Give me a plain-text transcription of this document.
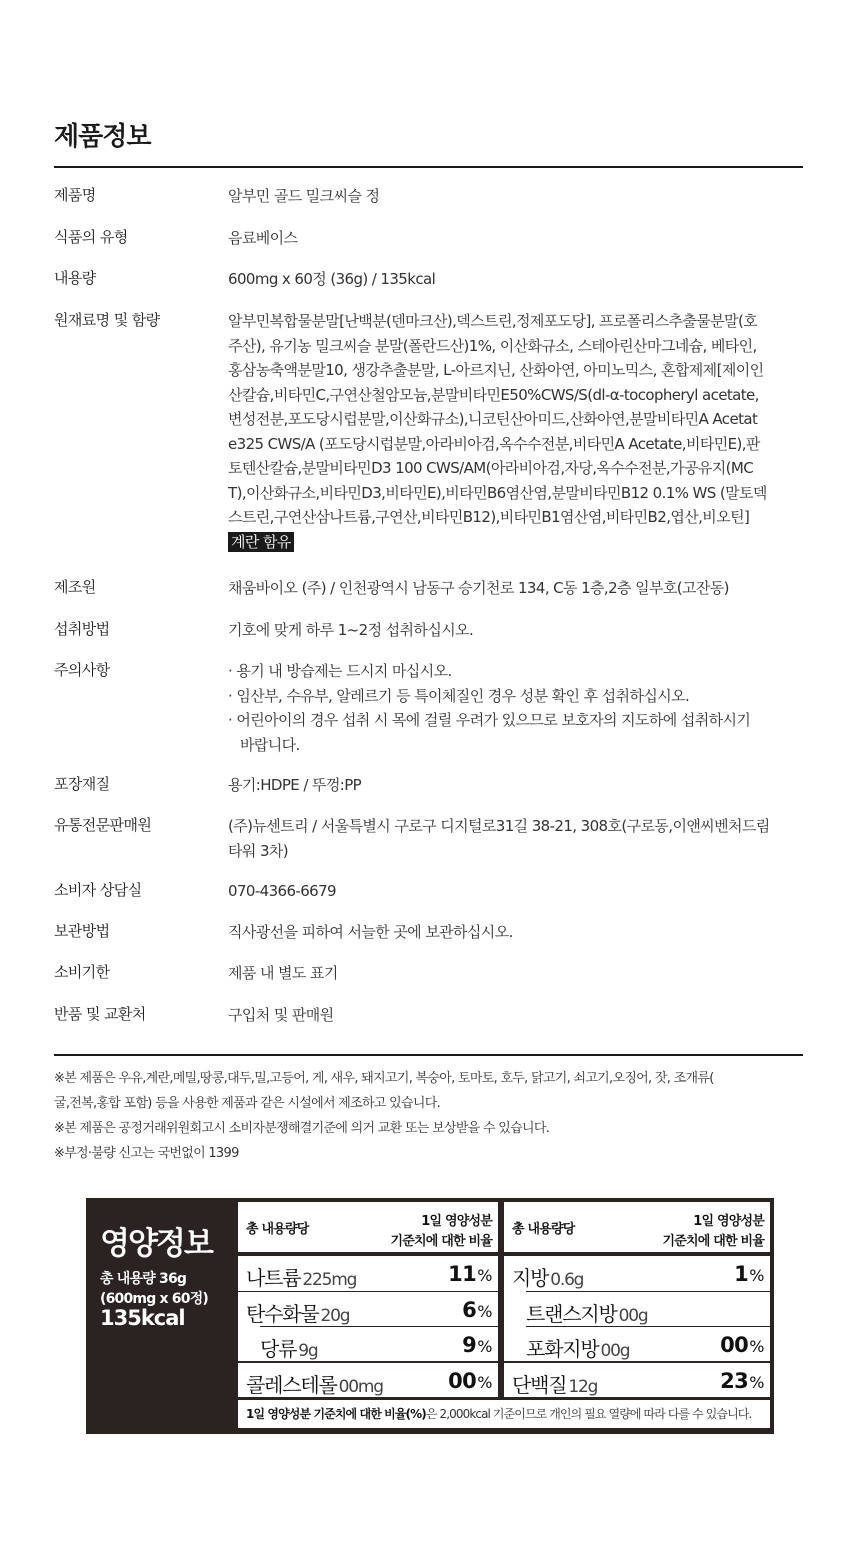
제품정보
제품명	알부민 골드 밀크씨슬 정
식품의 유형	음료베이스
내용량	600mg x 60정 (36g) / 135kcal
원재료명 및 함량	알부민복합물분말[난백분(덴마크산),덱스트린,정제포도당], 프로폴리스추출물분말(호
주산), 유기농 밀크씨슬 분말(폴란드산)1%, 이산화규소, 스테아린산마그네슘, 베타인,
홍삼농축액분말10, 생강추출분말, L-아르지닌, 산화아연, 아미노믹스, 혼합제제[제이인
산칼슘,비타민C,구연산철암모늄,분말비타민E50%CWS/S(dl-α-tocopheryl acetate,
변성전분,포도당시럽분말,이산화규소),니코틴산아미드,산화아연,분말비타민A Acetat
e325 CWS/A (포도당시럽분말,아라비아검,옥수수전분,비타민A Acetate,비타민E),판
토텐산칼슘,분말비타민D3 100 CWS/AM(아라비아검,자당,옥수수전분,가공유지(MC
T),이산화규소,비타민D3,비타민E),비타민B6염산염,분말비타민B12 0.1% WS (말토덱
스트린,구연산삼나트륨,구연산,비타민B12),비타민B1염산염,비타민B2,엽산,비오틴]
계란 함유
제조원	채움바이오 (주) / 인천광역시 남동구 승기천로 134, C동 1층,2층 일부호(고잔동)
섭취방법	기호에 맞게 하루 1~2정 섭취하십시오.
주의사항	· 용기 내 방습제는 드시지 마십시오.
· 임산부, 수유부, 알레르기 등 특이체질인 경우 성분 확인 후 섭취하십시오.
· 어린아이의 경우 섭취 시 목에 걸릴 우려가 있으므로 보호자의 지도하에 섭취하시기
바랍니다.
포장재질	용기:HDPE / 뚜껑:PP
유통전문판매원	(주)뉴센트리 / 서울특별시 구로구 디지털로31길 38-21, 308호(구로동,이앤씨벤처드림
타워 3차)
소비자 상담실	070-4366-6679
보관방법	직사광선을 피하여 서늘한 곳에 보관하십시오.
소비기한	제품 내 별도 표기
반품 및 교환처	구입처 및 판매원
※본 제품은 우유,계란,메밀,땅콩,대두,밀,고등어, 게, 새우, 돼지고기, 복숭아, 토마토, 호두, 닭고기, 쇠고기,오징어, 잣, 조개류(
굴,전복,홍합 포함) 등을 사용한 제품과 같은 시설에서 제조하고 있습니다.
※본 제품은 공정거래위원회고시 소비자분쟁해결기준에 의거 교환 또는 보상받을 수 있습니다.
※부정·불량 신고는 국번없이 1399
영양정보
총 내용량 36g
(600mg x 60정)
135kcal
총 내용량당
1일 영양성분
기준치에 대한 비율
나트륨 225mg	11%
탄수화물 20g	6%
당류 9g	9%
콜레스테롤 00mg	00%
총 내용량당
1일 영양성분
기준치에 대한 비율
지방 0.6g	1%
트랜스지방 00g
포화지방 00g	00%
단백질 12g	23%
1일 영양성분 기준치에 대한 비율(%)은 2,000kcal 기준이므로 개인의 필요 열량에 따라 다를 수 있습니다.
